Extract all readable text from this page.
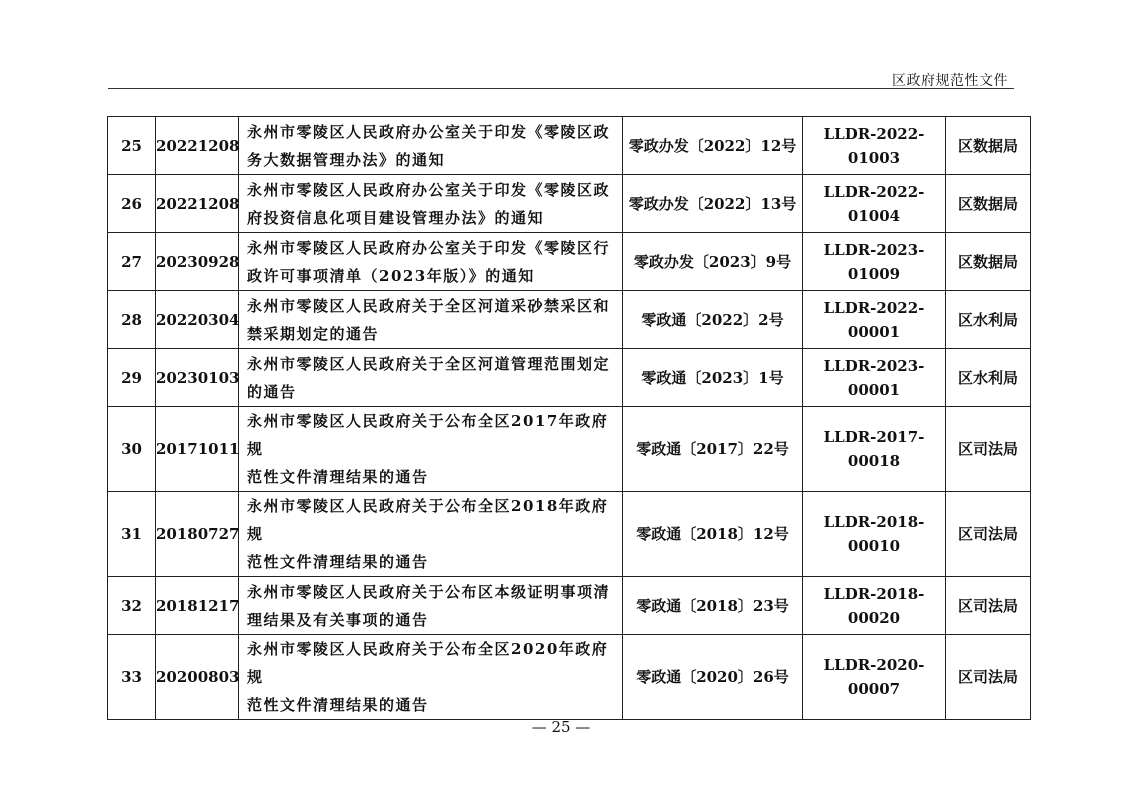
区政府规范性文件
25	20221208	永州市零陵区人民政府办公室关于印发《零陵区政
务大数据管理办法》的通知	零政办发〔2022〕12号	LLDR-2022-01003	区数据局
26	20221208	永州市零陵区人民政府办公室关于印发《零陵区政
府投资信息化项目建设管理办法》的通知	零政办发〔2022〕13号	LLDR-2022-01004	区数据局
27	20230928	永州市零陵区人民政府办公室关于印发《零陵区行
政许可事项清单（2023年版）》的通知	零政办发〔2023〕9号	LLDR-2023-01009	区数据局
28	20220304	永州市零陵区人民政府关于全区河道采砂禁采区和
禁采期划定的通告	零政通〔2022〕2号	LLDR-2022-00001	区水利局
29	20230103	永州市零陵区人民政府关于全区河道管理范围划定
的通告	零政通〔2023〕1号	LLDR-2023-00001	区水利局
30	20171011	永州市零陵区人民政府关于公布全区2017年政府规
范性文件清理结果的通告	零政通〔2017〕22号	LLDR-2017-00018	区司法局
31	20180727	永州市零陵区人民政府关于公布全区2018年政府规
范性文件清理结果的通告	零政通〔2018〕12号	LLDR-2018-00010	区司法局
32	20181217	永州市零陵区人民政府关于公布区本级证明事项清
理结果及有关事项的通告	零政通〔2018〕23号	LLDR-2018-00020	区司法局
33	20200803	永州市零陵区人民政府关于公布全区2020年政府规
范性文件清理结果的通告	零政通〔2020〕26号	LLDR-2020-00007	区司法局
— 25 —
